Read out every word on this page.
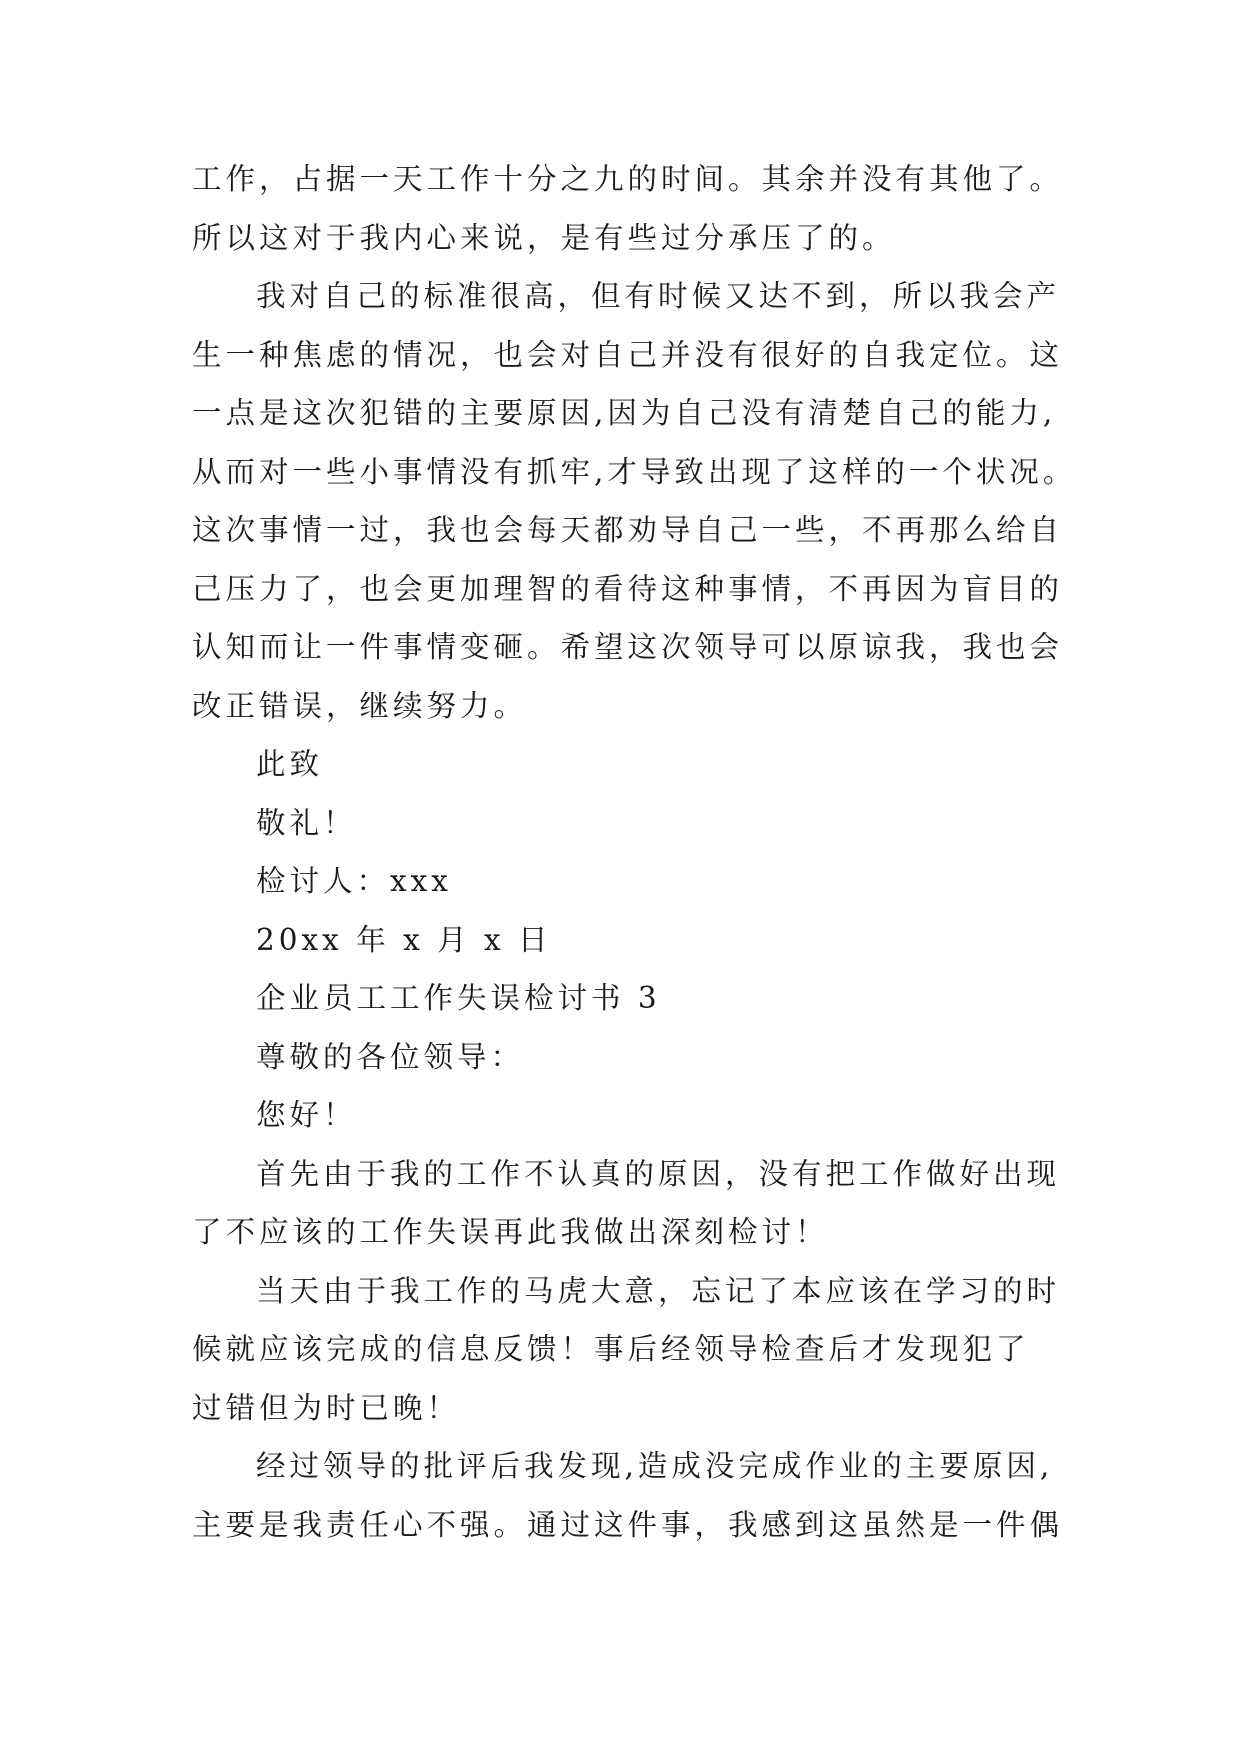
工作，占据一天工作十分之九的时间。其余并没有其他了。
所以这对于我内心来说，是有些过分承压了的。
我对自己的标准很高，但有时候又达不到，所以我会产
生一种焦虑的情况，也会对自己并没有很好的自我定位。这
一点是这次犯错的主要原因,因为自己没有清楚自己的能力,
从而对一些小事情没有抓牢,才导致出现了这样的一个状况。
这次事情一过，我也会每天都劝导自己一些，不再那么给自
己压力了，也会更加理智的看待这种事情，不再因为盲目的
认知而让一件事情变砸。希望这次领导可以原谅我，我也会
改正错误，继续努力。
此致
敬礼！
检讨人：xxx
20xx 年 x 月 x 日
企业员工工作失误检讨书 3
尊敬的各位领导：
您好！
首先由于我的工作不认真的原因，没有把工作做好出现
了不应该的工作失误再此我做出深刻检讨！
当天由于我工作的马虎大意，忘记了本应该在学习的时
候就应该完成的信息反馈！事后经领导检查后才发现犯了
过错但为时已晚！
经过领导的批评后我发现,造成没完成作业的主要原因,
主要是我责任心不强。通过这件事，我感到这虽然是一件偶
